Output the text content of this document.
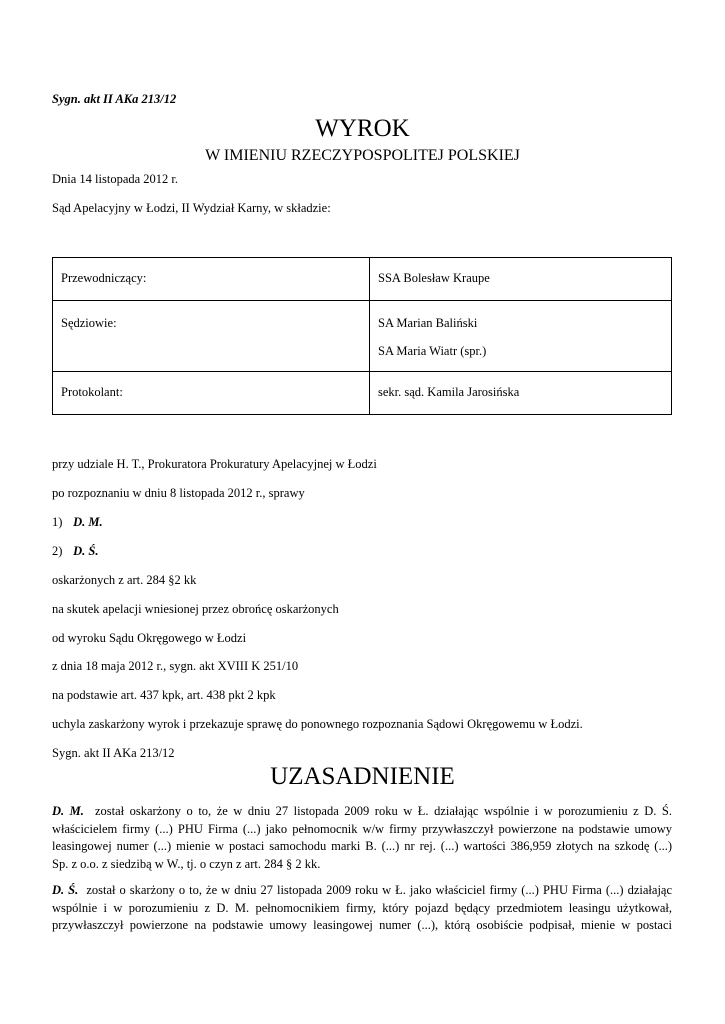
Sygn. akt II AKa 213/12
WYROK
W IMIENIU RZECZYPOSPOLITEJ POLSKIEJ
Dnia 14 listopada 2012 r.
Sąd Apelacyjny w Łodzi, II Wydział Karny, w składzie:
Przewodniczący:	SSA Bolesław Kraupe

Sędziowie:	SA Marian Baliński
SA Maria Wiatr (spr.)

Protokolant:	sekr. sąd. Kamila Jarosińska
przy udziale H. T., Prokuratora Prokuratury Apelacyjnej w Łodzi
po rozpoznaniu w dniu 8 listopada 2012 r., sprawy
1) D. M.
2) D. Ś.
oskarżonych z art. 284 §2 kk
na skutek apelacji wniesionej przez obrońcę oskarżonych
od wyroku Sądu Okręgowego w Łodzi
z dnia 18 maja 2012 r., sygn. akt XVIII K 251/10
na podstawie art. 437 kpk, art. 438 pkt 2 kpk
uchyla zaskarżony wyrok i przekazuje sprawę do ponownego rozpoznania Sądowi Okręgowemu w Łodzi.
Sygn. akt II AKa 213/12
UZASADNIENIE
D. M. został oskarżony o to, że w dniu 27 listopada 2009 roku w Ł. działając wspólnie i w porozumieniu z D. Ś.
właścicielem firmy (...) PHU Firma (...) jako pełnomocnik w/w firmy przywłaszczył powierzone na podstawie umowy
leasingowej numer (...) mienie w postaci samochodu marki B. (...) nr rej. (...) wartości 386,959 złotych na szkodę (...)
Sp. z o.o. z siedzibą w W., tj. o czyn z art. 284 § 2 kk.
D. Ś. został o skarżony o to, że w dniu 27 listopada 2009 roku w Ł. jako właściciel firmy (...) PHU Firma (...) działając
wspólnie i w porozumieniu z D. M. pełnomocnikiem firmy, który pojazd będący przedmiotem leasingu użytkował,
przywłaszczył powierzone na podstawie umowy leasingowej numer (...), którą osobiście podpisał, mienie w postaci
